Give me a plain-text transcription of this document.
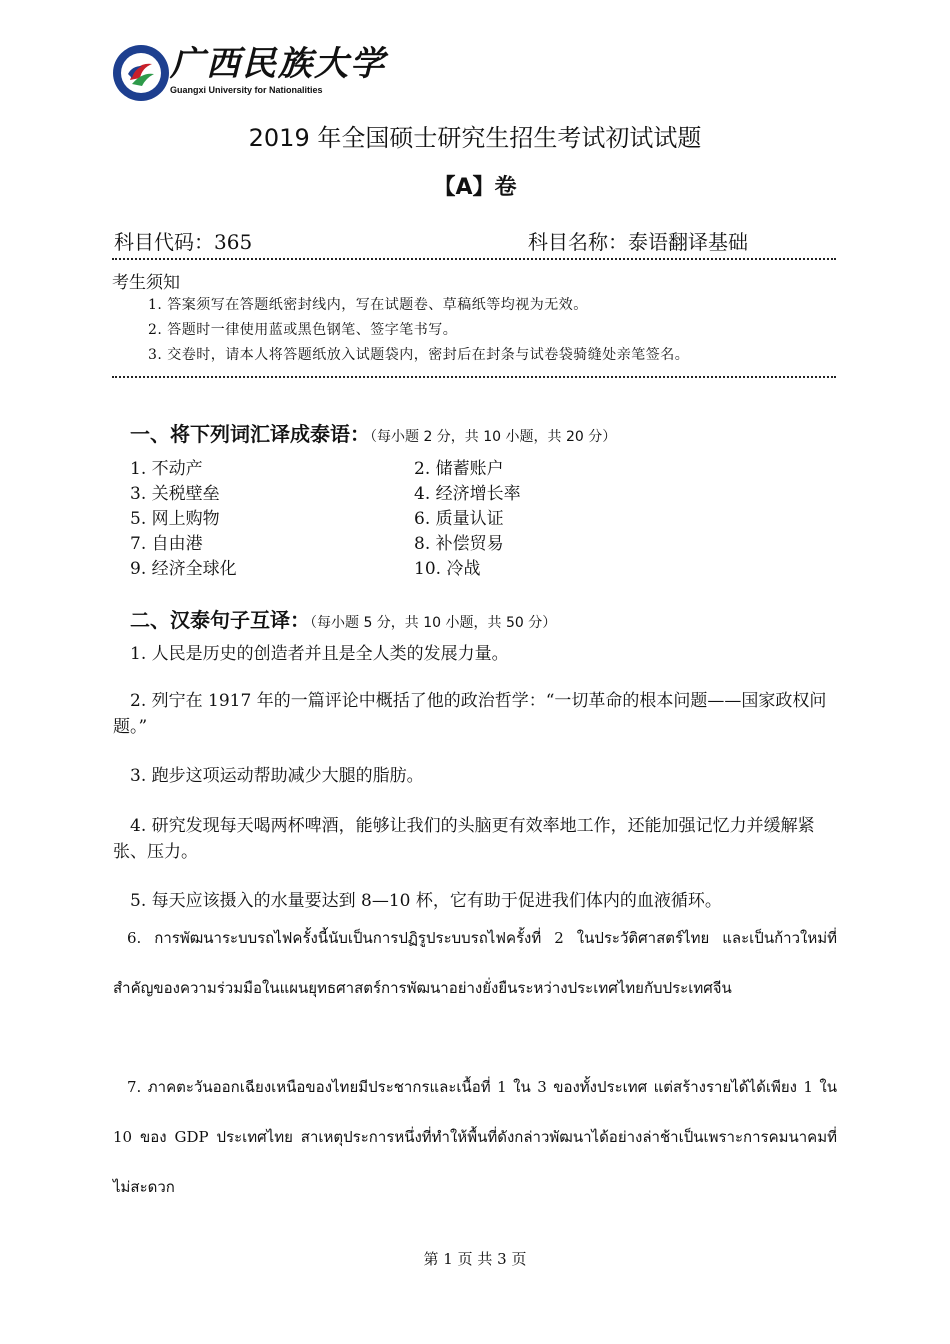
广西民族大学
Guangxi University for Nationalities
2019 年全国硕士研究生招生考试初试试题
【A】卷
科目代码：365	科目名称：泰语翻译基础
考生须知
1. 答案须写在答题纸密封线内，写在试题卷、草稿纸等均视为无效。
2. 答题时一律使用蓝或黑色钢笔、签字笔书写。
3. 交卷时，请本人将答题纸放入试题袋内，密封后在封条与试卷袋骑缝处亲笔签名。
一、将下列词汇译成泰语：（每小题 2 分，共 10 小题，共 20 分）
1. 不动产	2. 储蓄账户
3. 关税壁垒	4. 经济增长率
5. 网上购物	6. 质量认证
7. 自由港	8. 补偿贸易
9. 经济全球化	10. 冷战
二、汉泰句子互译：（每小题 5 分，共 10 小题，共 50 分）
1. 人民是历史的创造者并且是全人类的发展力量。
2. 列宁在 1917 年的一篇评论中概括了他的政治哲学：“一切革命的根本问题——国家政权问题。”
3. 跑步这项运动帮助减少大腿的脂肪。
4. 研究发现每天喝两杯啤酒，能够让我们的头脑更有效率地工作，还能加强记忆力并缓解紧张、压力。
5. 每天应该摄入的水量要达到 8—10 杯，它有助于促进我们体内的血液循环。
6. การพัฒนาระบบรถไฟครั้งนี้นับเป็นการปฏิรูประบบรถไฟครั้งที่ 2 ในประวัติศาสตร์ไทย และเป็นก้าวใหม่ที่สำคัญของความร่วมมือในแผนยุทธศาสตร์การพัฒนาอย่างยั่งยืนระหว่างประเทศไทยกับประเทศจีน
7. ภาคตะวันออกเฉียงเหนือของไทยมีประชากรและเนื้อที่ 1 ใน 3 ของทั้งประเทศ แต่สร้างรายได้ได้เพียง 1 ใน 10 ของ GDP ประเทศไทย สาเหตุประการหนึ่งที่ทำให้พื้นที่ดังกล่าวพัฒนาได้อย่างล่าช้าเป็นเพราะการคมนาคมที่ไม่สะดวก
第 1 页 共 3 页
